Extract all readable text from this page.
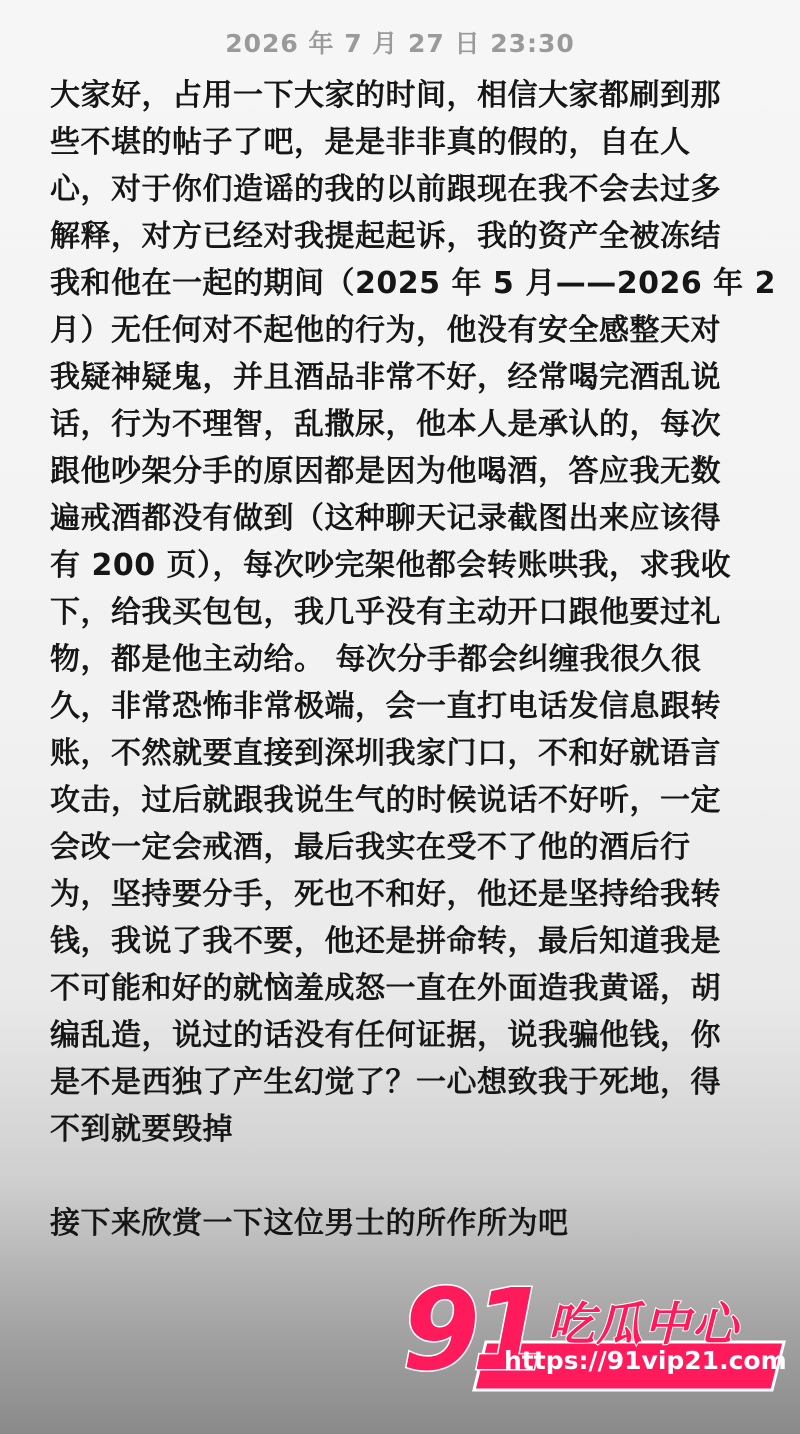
2026 年 7 月 27 日 23:30
大家好，占用一下大家的时间，相信大家都刷到那
些不堪的帖子了吧，是是非非真的假的，自在人
心，对于你们造谣的我的以前跟现在我不会去过多
解释，对方已经对我提起起诉，我的资产全被冻结
我和他在一起的期间（2025 年 5 月——2026 年 2
月）无任何对不起他的行为，他没有安全感整天对
我疑神疑鬼，并且酒品非常不好，经常喝完酒乱说
话，行为不理智，乱撒尿，他本人是承认的，每次
跟他吵架分手的原因都是因为他喝酒，答应我无数
遍戒酒都没有做到（这种聊天记录截图出来应该得
有 200 页），每次吵完架他都会转账哄我，求我收
下，给我买包包，我几乎没有主动开口跟他要过礼
物，都是他主动给。 每次分手都会纠缠我很久很
久，非常恐怖非常极端，会一直打电话发信息跟转
账，不然就要直接到深圳我家门口，不和好就语言
攻击，过后就跟我说生气的时候说话不好听，一定
会改一定会戒酒，最后我实在受不了他的酒后行
为，坚持要分手，死也不和好，他还是坚持给我转
钱，我说了我不要，他还是拼命转，最后知道我是
不可能和好的就恼羞成怒一直在外面造我黄谣，胡
编乱造，说过的话没有任何证据，说我骗他钱，你
是不是西独了产生幻觉了？一心想致我于死地，得
不到就要毁掉
接下来欣赏一下这位男士的所作所为吧
91 吃瓜中心
https://91vip21.com
